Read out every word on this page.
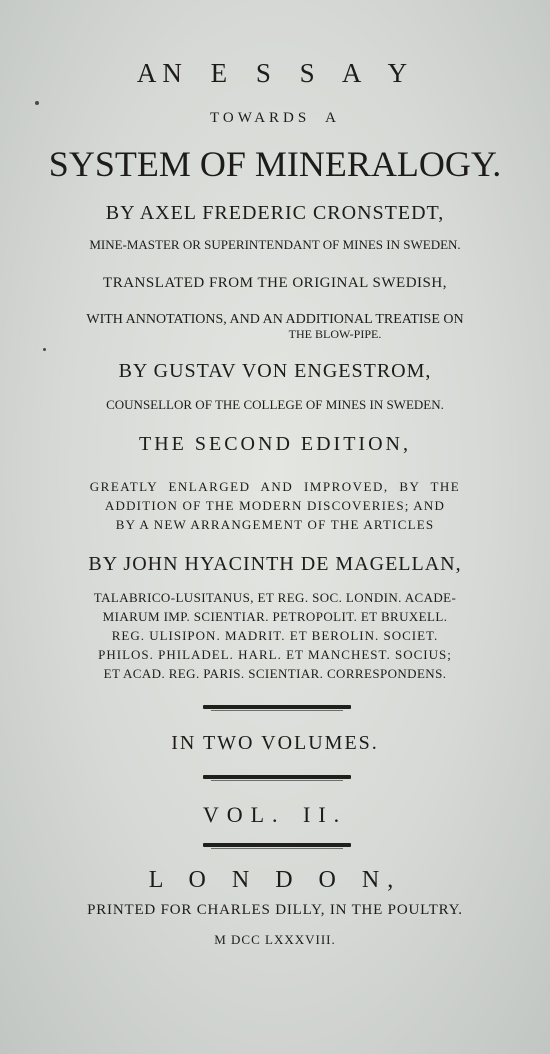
AN E S S A Y
TOWARDS A
SYSTEM OF MINERALOGY.
BY AXEL FREDERIC CRONSTEDT,
MINE-MASTER OR SUPERINTENDANT OF MINES IN SWEDEN.
TRANSLATED FROM THE ORIGINAL SWEDISH,
WITH ANNOTATIONS, AND AN ADDITIONAL TREATISE ON
THE BLOW-PIPE.
BY GUSTAV VON ENGESTROM,
COUNSELLOR OF THE COLLEGE OF MINES IN SWEDEN.
THE SECOND EDITION,
GREATLY ENLARGED AND IMPROVED, BY THE
ADDITION OF THE MODERN DISCOVERIES; AND
BY A NEW ARRANGEMENT OF THE ARTICLES
BY JOHN HYACINTH DE MAGELLAN,
TALABRICO-LUSITANUS, ET REG. SOC. LONDIN. ACADE-
MIARUM IMP. SCIENTIAR. PETROPOLIT. ET BRUXELL.
REG. ULISIPON. MADRIT. ET BEROLIN. SOCIET.
PHILOS. PHILADEL. HARL. ET MANCHEST. SOCIUS;
ET ACAD. REG. PARIS. SCIENTIAR. CORRESPONDENS.
IN TWO VOLUMES.
VOL. II.
L O N D O N,
PRINTED FOR CHARLES DILLY, IN THE POULTRY.
M DCC LXXXVIII.
